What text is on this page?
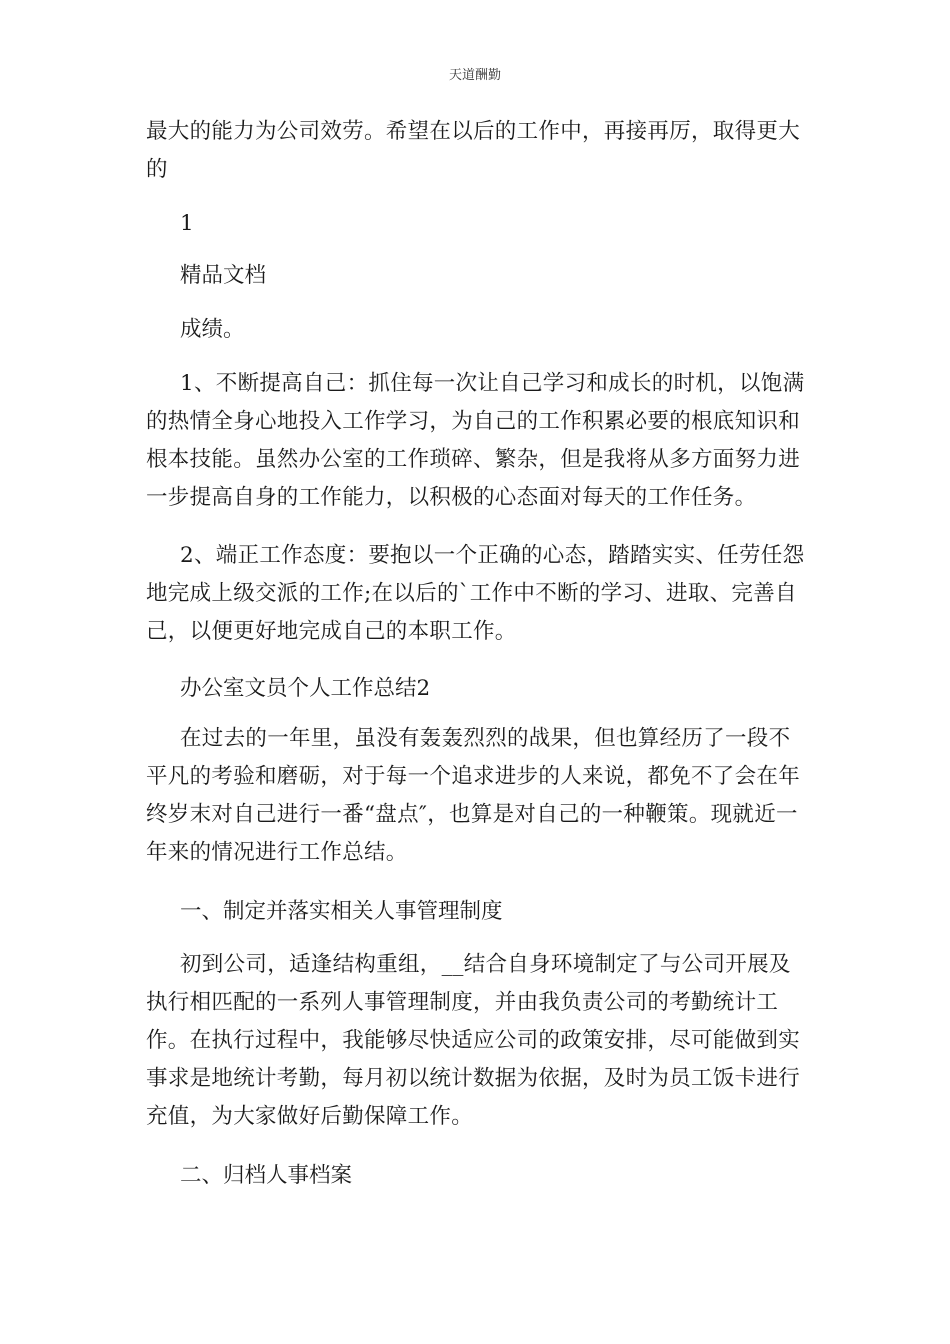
天道酬勤

最大的能力为公司效劳。希望在以后的工作中，再接再厉，取得更大的

1

精品文档

成绩。

1、不断提高自己：抓住每一次让自己学习和成长的时机，以饱满的热情全身心地投入工作学习，为自己的工作积累必要的根底知识和根本技能。虽然办公室的工作琐碎、繁杂，但是我将从多方面努力进一步提高自身的工作能力，以积极的心态面对每天的工作任务。

2、端正工作态度：要抱以一个正确的心态，踏踏实实、任劳任怨地完成上级交派的工作;在以后的`工作中不断的学习、进取、完善自己，以便更好地完成自己的本职工作。

办公室文员个人工作总结2

在过去的一年里，虽没有轰轰烈烈的战果，但也算经历了一段不平凡的考验和磨砺，对于每一个追求进步的人来说，都免不了会在年终岁末对自己进行一番“盘点″，也算是对自己的一种鞭策。现就近一年来的情况进行工作总结。

一、制定并落实相关人事管理制度

初到公司，适逢结构重组，__结合自身环境制定了与公司开展及执行相匹配的一系列人事管理制度，并由我负责公司的考勤统计工作。在执行过程中，我能够尽快适应公司的政策安排，尽可能做到实事求是地统计考勤，每月初以统计数据为依据，及时为员工饭卡进行充值，为大家做好后勤保障工作。

二、归档人事档案
